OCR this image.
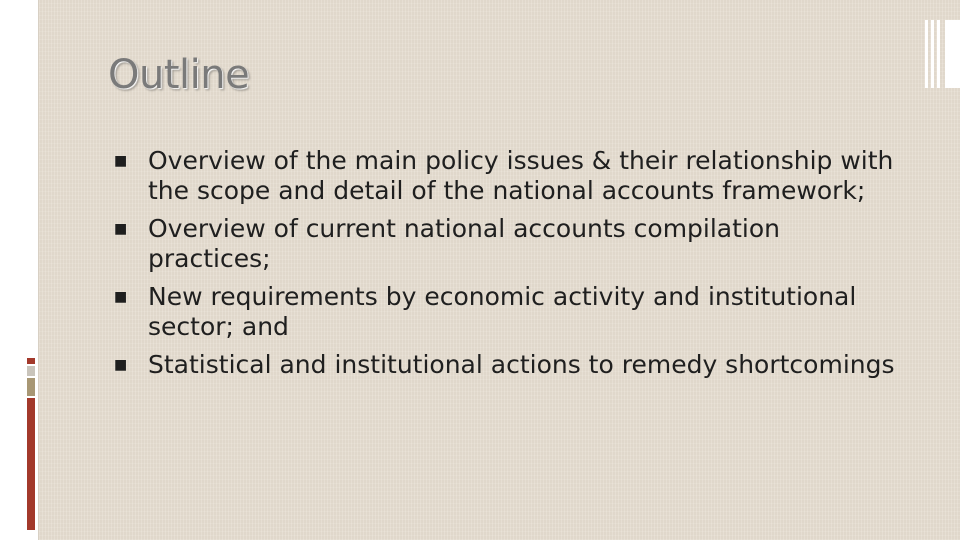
Outline
■ Overview of the main policy issues & their relationship with the scope and detail of the national accounts framework;
■ Overview of current national accounts compilation practices;
■ New requirements by economic activity and institutional sector; and
■ Statistical and institutional actions to remedy shortcomings
